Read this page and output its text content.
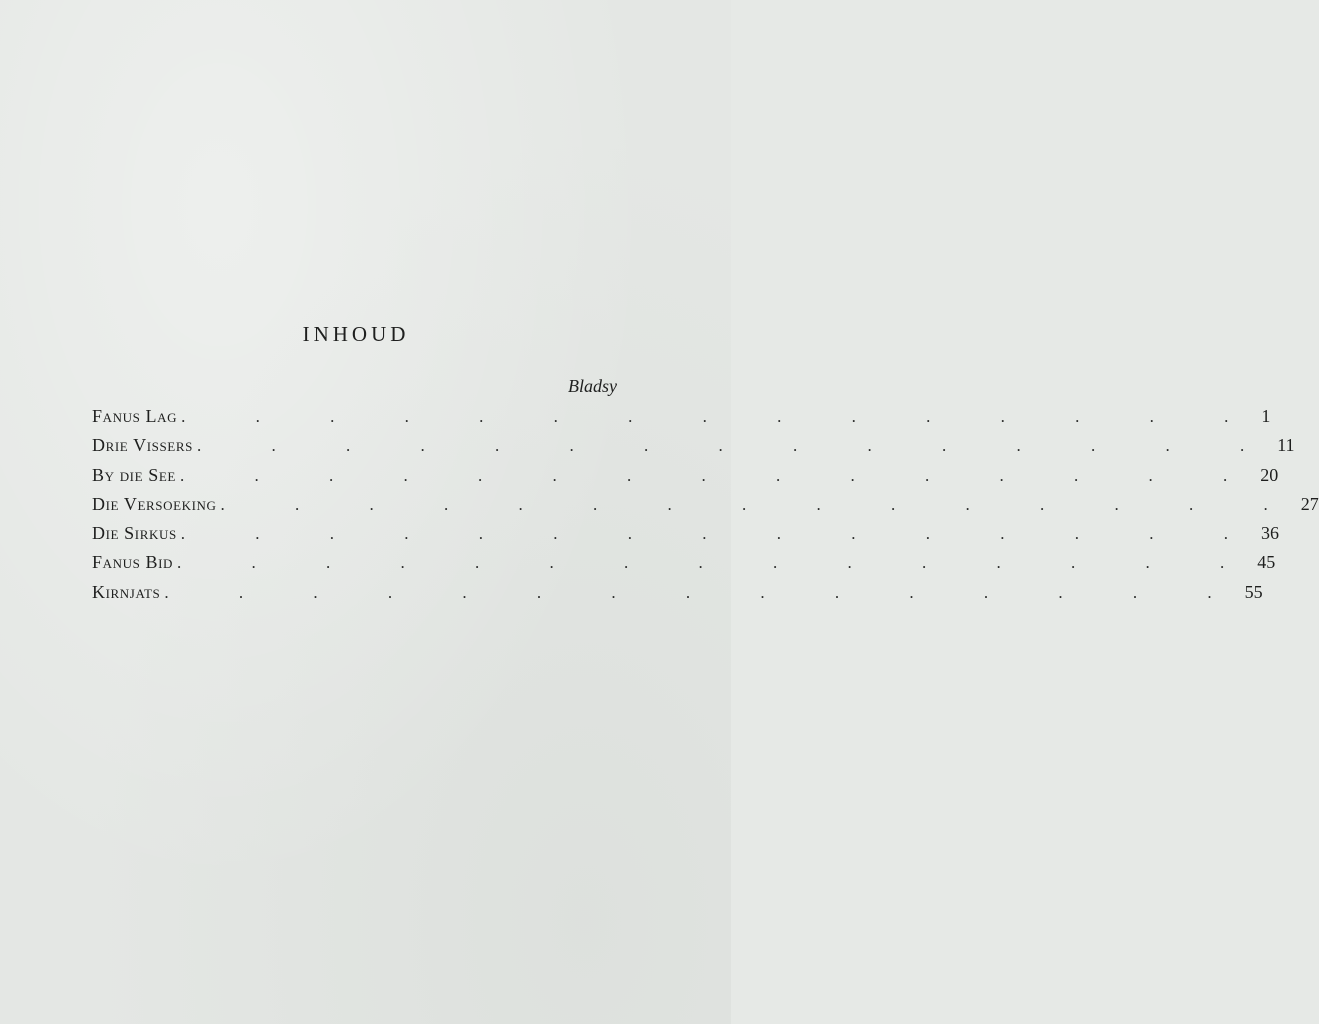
INHOUD
Bladsy
Fanus Lag . . . . . . . . . . . . . . . 1
Drie Vissers . . . . . . . . . . . . . . . 11
By die See . . . . . . . . . . . . . . . 20
Die Versoeking . . . . . . . . . . . . . . . 27
Die Sirkus . . . . . . . . . . . . . . . 36
Fanus Bid . . . . . . . . . . . . . . . 45
Kirnjats . . . . . . . . . . . . . . . 55
